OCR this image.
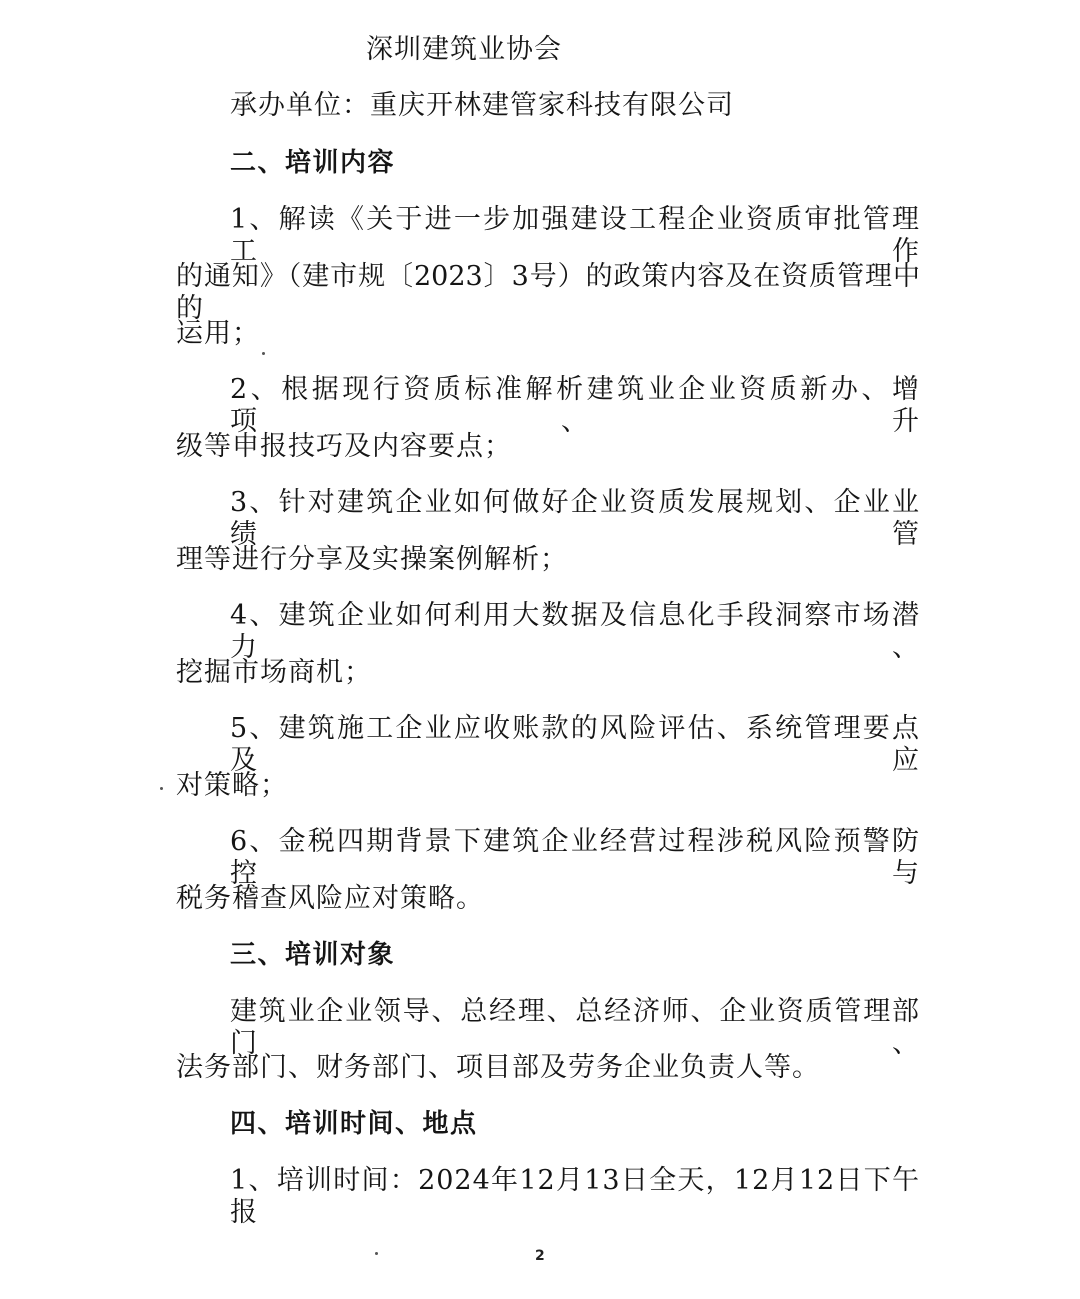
深圳建筑业协会
承办单位：重庆开林建管家科技有限公司
二、培训内容
1、解读《关于进一步加强建设工程企业资质审批管理工作
的通知》（建市规〔2023〕3号）的政策内容及在资质管理中的
运用；
2、根据现行资质标准解析建筑业企业资质新办、增项、升
级等申报技巧及内容要点；
3、针对建筑企业如何做好企业资质发展规划、企业业绩管
理等进行分享及实操案例解析；
4、建筑企业如何利用大数据及信息化手段洞察市场潜力、
挖掘市场商机；
5、建筑施工企业应收账款的风险评估、系统管理要点及应
对策略；
6、金税四期背景下建筑企业经营过程涉税风险预警防控与
税务稽查风险应对策略。
三、培训对象
建筑业企业领导、总经理、总经济师、企业资质管理部门、
法务部门、财务部门、项目部及劳务企业负责人等。
四、培训时间、地点
1、培训时间：2024年12月13日全天，12月12日下午报
2
